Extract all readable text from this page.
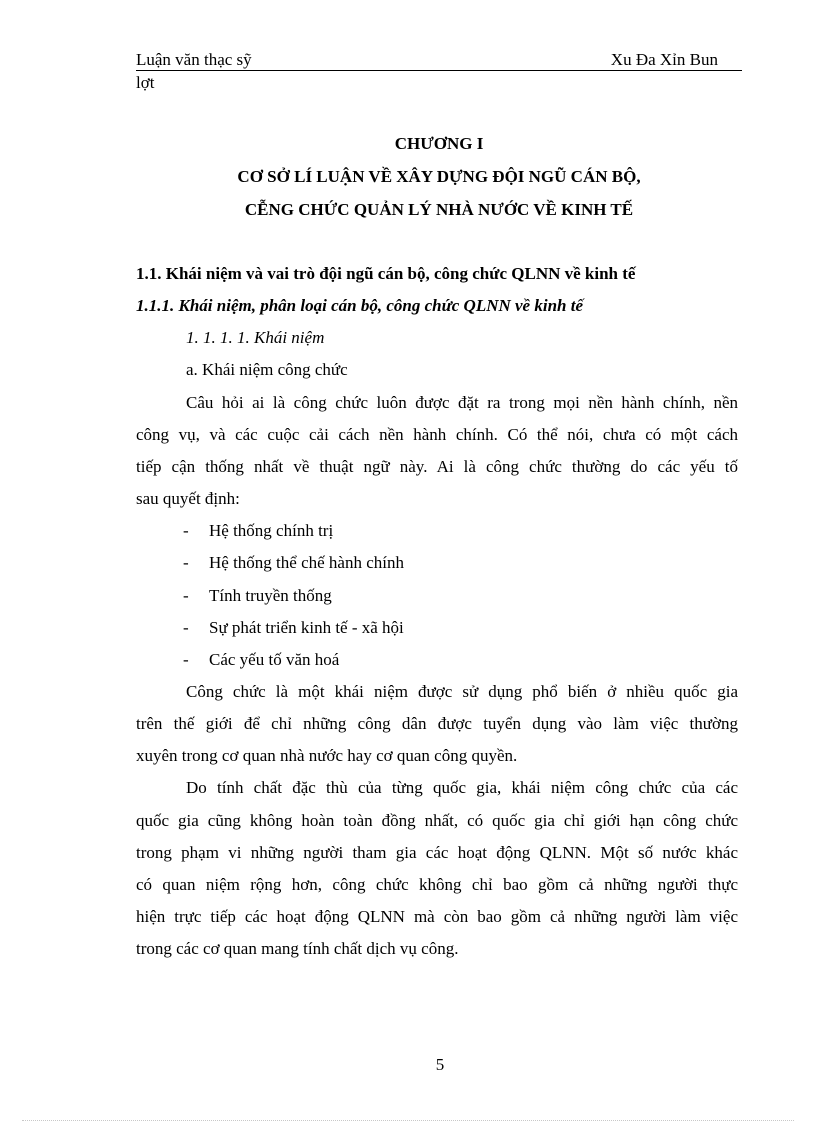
Luận văn thạc sỹ	Xu Đa Xỉn Bun
lợt
CHƯƠNG I
CƠ SỞ LÍ LUẬN VỀ XÂY DỰNG ĐỘI NGŨ CÁN BỘ,
CỄNG CHỨC QUẢN LÝ NHÀ NƯỚC VỀ KINH TẾ
1.1. Khái niệm và vai trò đội ngũ cán bộ, công chức QLNN về kinh tế
1.1.1. Khái niệm, phân loại cán bộ, công chức QLNN về kinh tế
1. 1. 1. 1. Khái niệm
a. Khái niệm công chức
Câu hỏi ai là công chức luôn được đặt ra trong mọi nền hành chính, nền
công vụ, và các cuộc cải cách nền hành chính. Có thể nói, chưa có một cách
tiếp cận thống nhất về thuật ngữ này. Ai là công chức thường do các yếu tố
sau quyết định:
- Hệ thống chính trị
- Hệ thống thể chế hành chính
- Tính truyền thống
- Sự phát triển kinh tế - xã hội
- Các yếu tố văn hoá
Công chức là một khái niệm được sử dụng phổ biến ở nhiều quốc gia
trên thế giới để chỉ những công dân được tuyển dụng vào làm việc thường
xuyên trong cơ quan nhà nước hay cơ quan công quyền.
Do tính chất đặc thù của từng quốc gia, khái niệm công chức của các
quốc gia cũng không hoàn toàn đồng nhất, có quốc gia chỉ giới hạn công chức
trong phạm vi những người tham gia các hoạt động QLNN. Một số nước khác
có quan niệm rộng hơn, công chức không chỉ bao gồm cả những người thực
hiện trực tiếp các hoạt động QLNN mà còn bao gồm cả những người làm việc
trong các cơ quan mang tính chất dịch vụ công.
5
